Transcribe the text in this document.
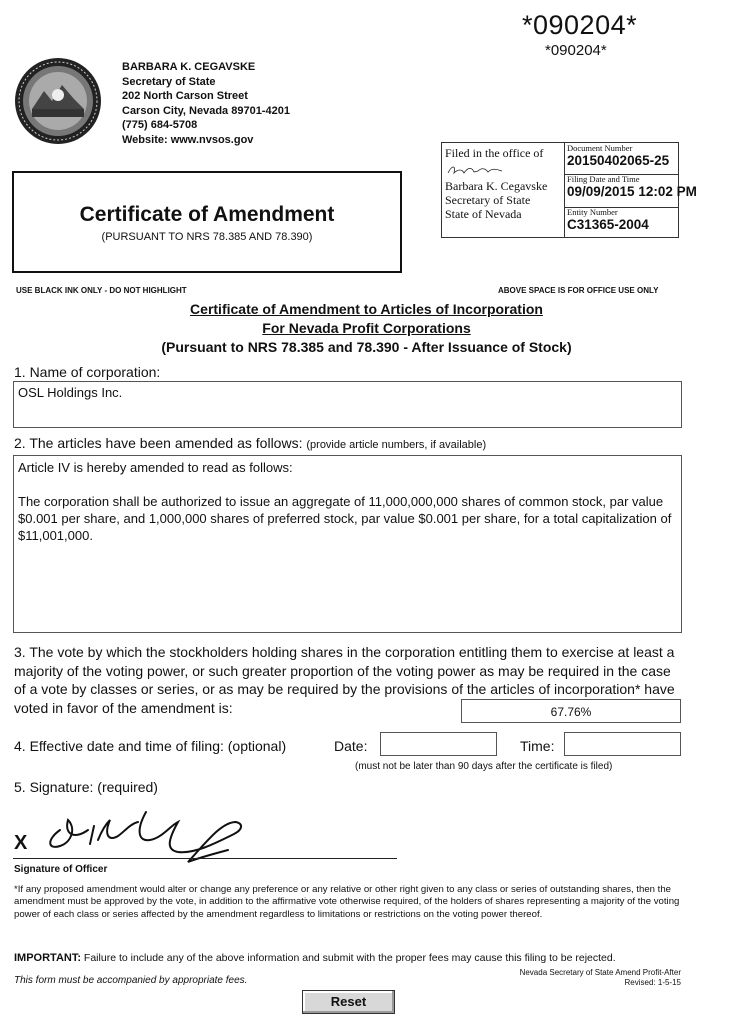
*090204*
*090204*
BARBARA K. CEGAVSKE
Secretary of State
202 North Carson Street
Carson City, Nevada 89701-4201
(775) 684-5708
Website: www.nvsos.gov
Filed in the office of
Barbara K. Cegavske
Secretary of State
State of Nevada
Document Number
20150402065-25
Filing Date and Time
09/09/2015 12:02 PM
Entity Number
C31365-2004
Certificate of Amendment
(PURSUANT TO NRS 78.385 AND 78.390)
USE BLACK INK ONLY - DO NOT HIGHLIGHT	ABOVE SPACE IS FOR OFFICE USE ONLY
Certificate of Amendment to Articles of Incorporation
For Nevada Profit Corporations
(Pursuant to NRS 78.385 and 78.390 - After Issuance of Stock)
1. Name of corporation:
OSL Holdings Inc.
2. The articles have been amended as follows: (provide article numbers, if available)

Article IV is hereby amended to read as follows:

The corporation shall be authorized to issue an aggregate of 11,000,000,000 shares of common stock, par value $0.001 per share, and 1,000,000 shares of preferred stock, par value $0.001 per share, for a total capitalization of $11,001,000.

3. The vote by which the stockholders holding shares in the corporation entitling them to exercise at least a majority of the voting power, or such greater proportion of the voting power as may be required in the case of a vote by classes or series, or as may be required by the provisions of the articles of incorporation* have voted in favor of the amendment is:	67.76%
4. Effective date and time of filing: (optional)	Date:	Time:
(must not be later than 90 days after the certificate is filed)
5. Signature: (required)
X
Signature of Officer
*If any proposed amendment would alter or change any preference or any relative or other right given to any class or series of outstanding shares, then the amendment must be approved by the vote, in addition to the affirmative vote otherwise required, of the holders of shares representing a majority of the voting power of each class or series affected by the amendment regardless to limitations or restrictions on the voting power thereof.
IMPORTANT: Failure to include any of the above information and submit with the proper fees may cause this filing to be rejected.
This form must be accompanied by appropriate fees.
Nevada Secretary of State Amend Profit-After
Revised: 1-5-15
Reset
